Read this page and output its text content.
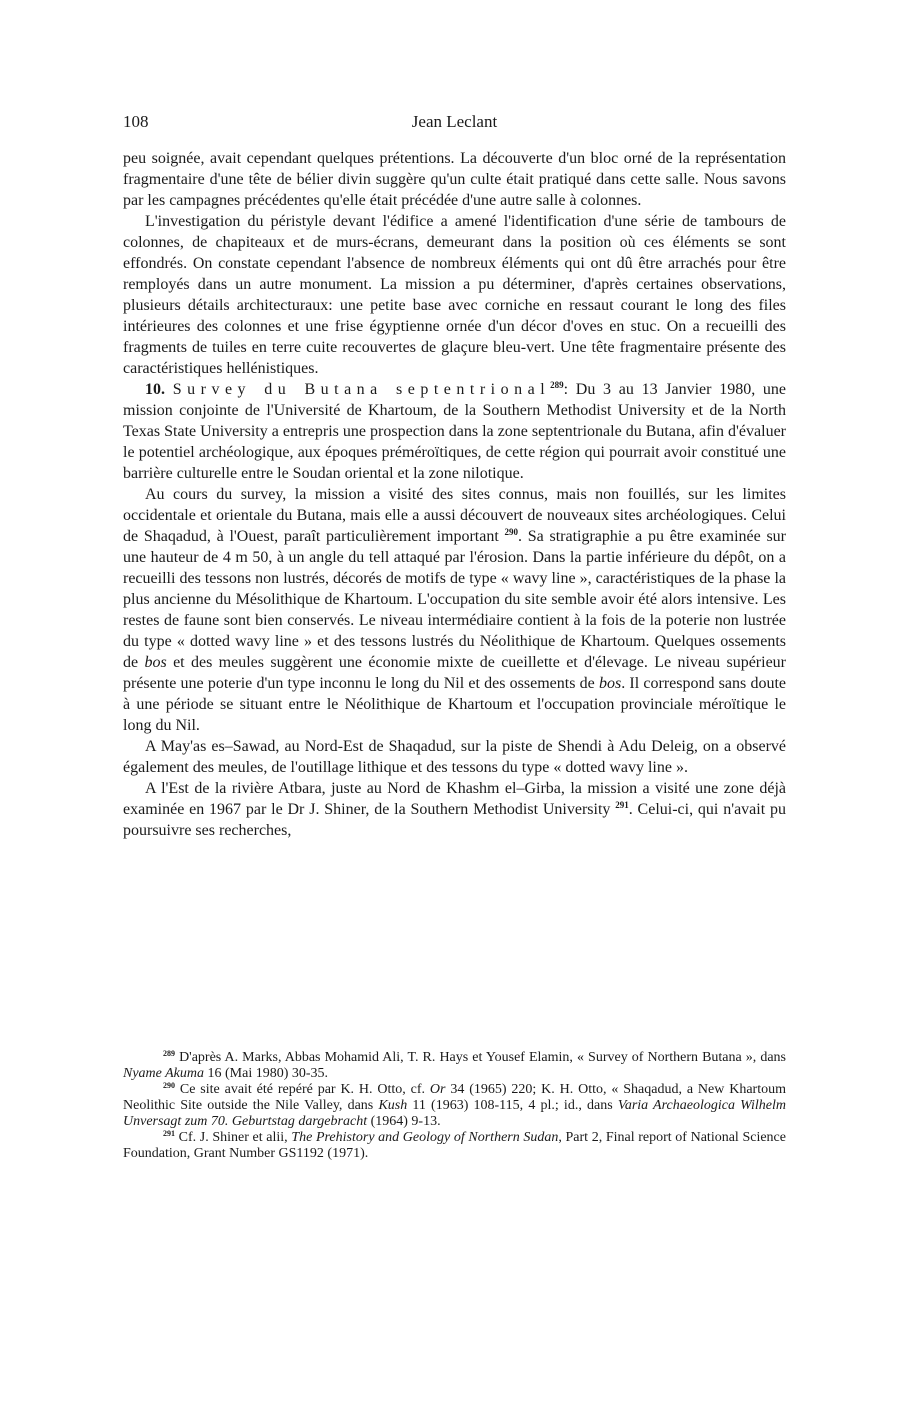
108	Jean Leclant

peu soignée, avait cependant quelques prétentions. La découverte d'un bloc orné de la représentation fragmentaire d'une tête de bélier divin suggère qu'un culte était pratiqué dans cette salle. Nous savons par les campagnes précédentes qu'elle était précédée d'une autre salle à colonnes.

L'investigation du péristyle devant l'édifice a amené l'identification d'une série de tambours de colonnes, de chapiteaux et de murs-écrans, demeurant dans la position où ces éléments se sont effondrés. On constate cependant l'absence de nombreux éléments qui ont dû être arrachés pour être remployés dans un autre monument. La mission a pu déterminer, d'après certaines observations, plusieurs détails architecturaux: une petite base avec corniche en ressaut courant le long des files intérieures des colonnes et une frise égyptienne ornée d'un décor d'oves en stuc. On a recueilli des fragments de tuiles en terre cuite recouvertes de glaçure bleu-vert. Une tête fragmentaire présente des caractéristiques hellénistiques.

10. Survey du Butana septentrional$^{289}$: Du 3 au 13 Janvier 1980, une mission conjointe de l'Université de Khartoum, de la Southern Methodist University et de la North Texas State University a entrepris une prospection dans la zone septentrionale du Butana, afin d'évaluer le potentiel archéologique, aux époques préméroïtiques, de cette région qui pourrait avoir constitué une barrière culturelle entre le Soudan oriental et la zone nilotique.

Au cours du survey, la mission a visité des sites connus, mais non fouillés, sur les limites occidentale et orientale du Butana, mais elle a aussi découvert de nouveaux sites archéologiques. Celui de Shaqadud, à l'Ouest, paraît particulièrement important $^{290}$. Sa stratigraphie a pu être examinée sur une hauteur de 4 m 50, à un angle du tell attaqué par l'érosion. Dans la partie inférieure du dépôt, on a recueilli des tessons non lustrés, décorés de motifs de type « wavy line », caractéristiques de la phase la plus ancienne du Mésolithique de Khartoum. L'occupation du site semble avoir été alors intensive. Les restes de faune sont bien conservés. Le niveau intermédiaire contient à la fois de la poterie non lustrée du type « dotted wavy line » et des tessons lustrés du Néolithique de Khartoum. Quelques ossements de bos et des meules suggèrent une économie mixte de cueillette et d'élevage. Le niveau supérieur présente une poterie d'un type inconnu le long du Nil et des ossements de bos. Il correspond sans doute à une période se situant entre le Néolithique de Khartoum et l'occupation provinciale méroïtique le long du Nil.

A May'as es–Sawad, au Nord-Est de Shaqadud, sur la piste de Shendi à Adu Deleig, on a observé également des meules, de l'outillage lithique et des tessons du type « dotted wavy line ».

A l'Est de la rivière Atbara, juste au Nord de Khashm el–Girba, la mission a visité une zone déjà examinée en 1967 par le Dr J. Shiner, de la Southern Methodist University $^{291}$. Celui-ci, qui n'avait pu poursuivre ses recherches,

$^{289}$ D'après A. Marks, Abbas Mohamid Ali, T. R. Hays et Yousef Elamin, « Survey of Northern Butana », dans Nyame Akuma 16 (Mai 1980) 30-35.

$^{290}$ Ce site avait été repéré par K. H. Otto, cf. Or 34 (1965) 220; K. H. Otto, « Shaqadud, a New Khartoum Neolithic Site outside the Nile Valley, dans Kush 11 (1963) 108-115, 4 pl.; id., dans Varia Archaeologica Wilhelm Unversagt zum 70. Geburtstag dargebracht (1964) 9-13.

$^{291}$ Cf. J. Shiner et alii, The Prehistory and Geology of Northern Sudan, Part 2, Final report of National Science Foundation, Grant Number GS1192 (1971).
